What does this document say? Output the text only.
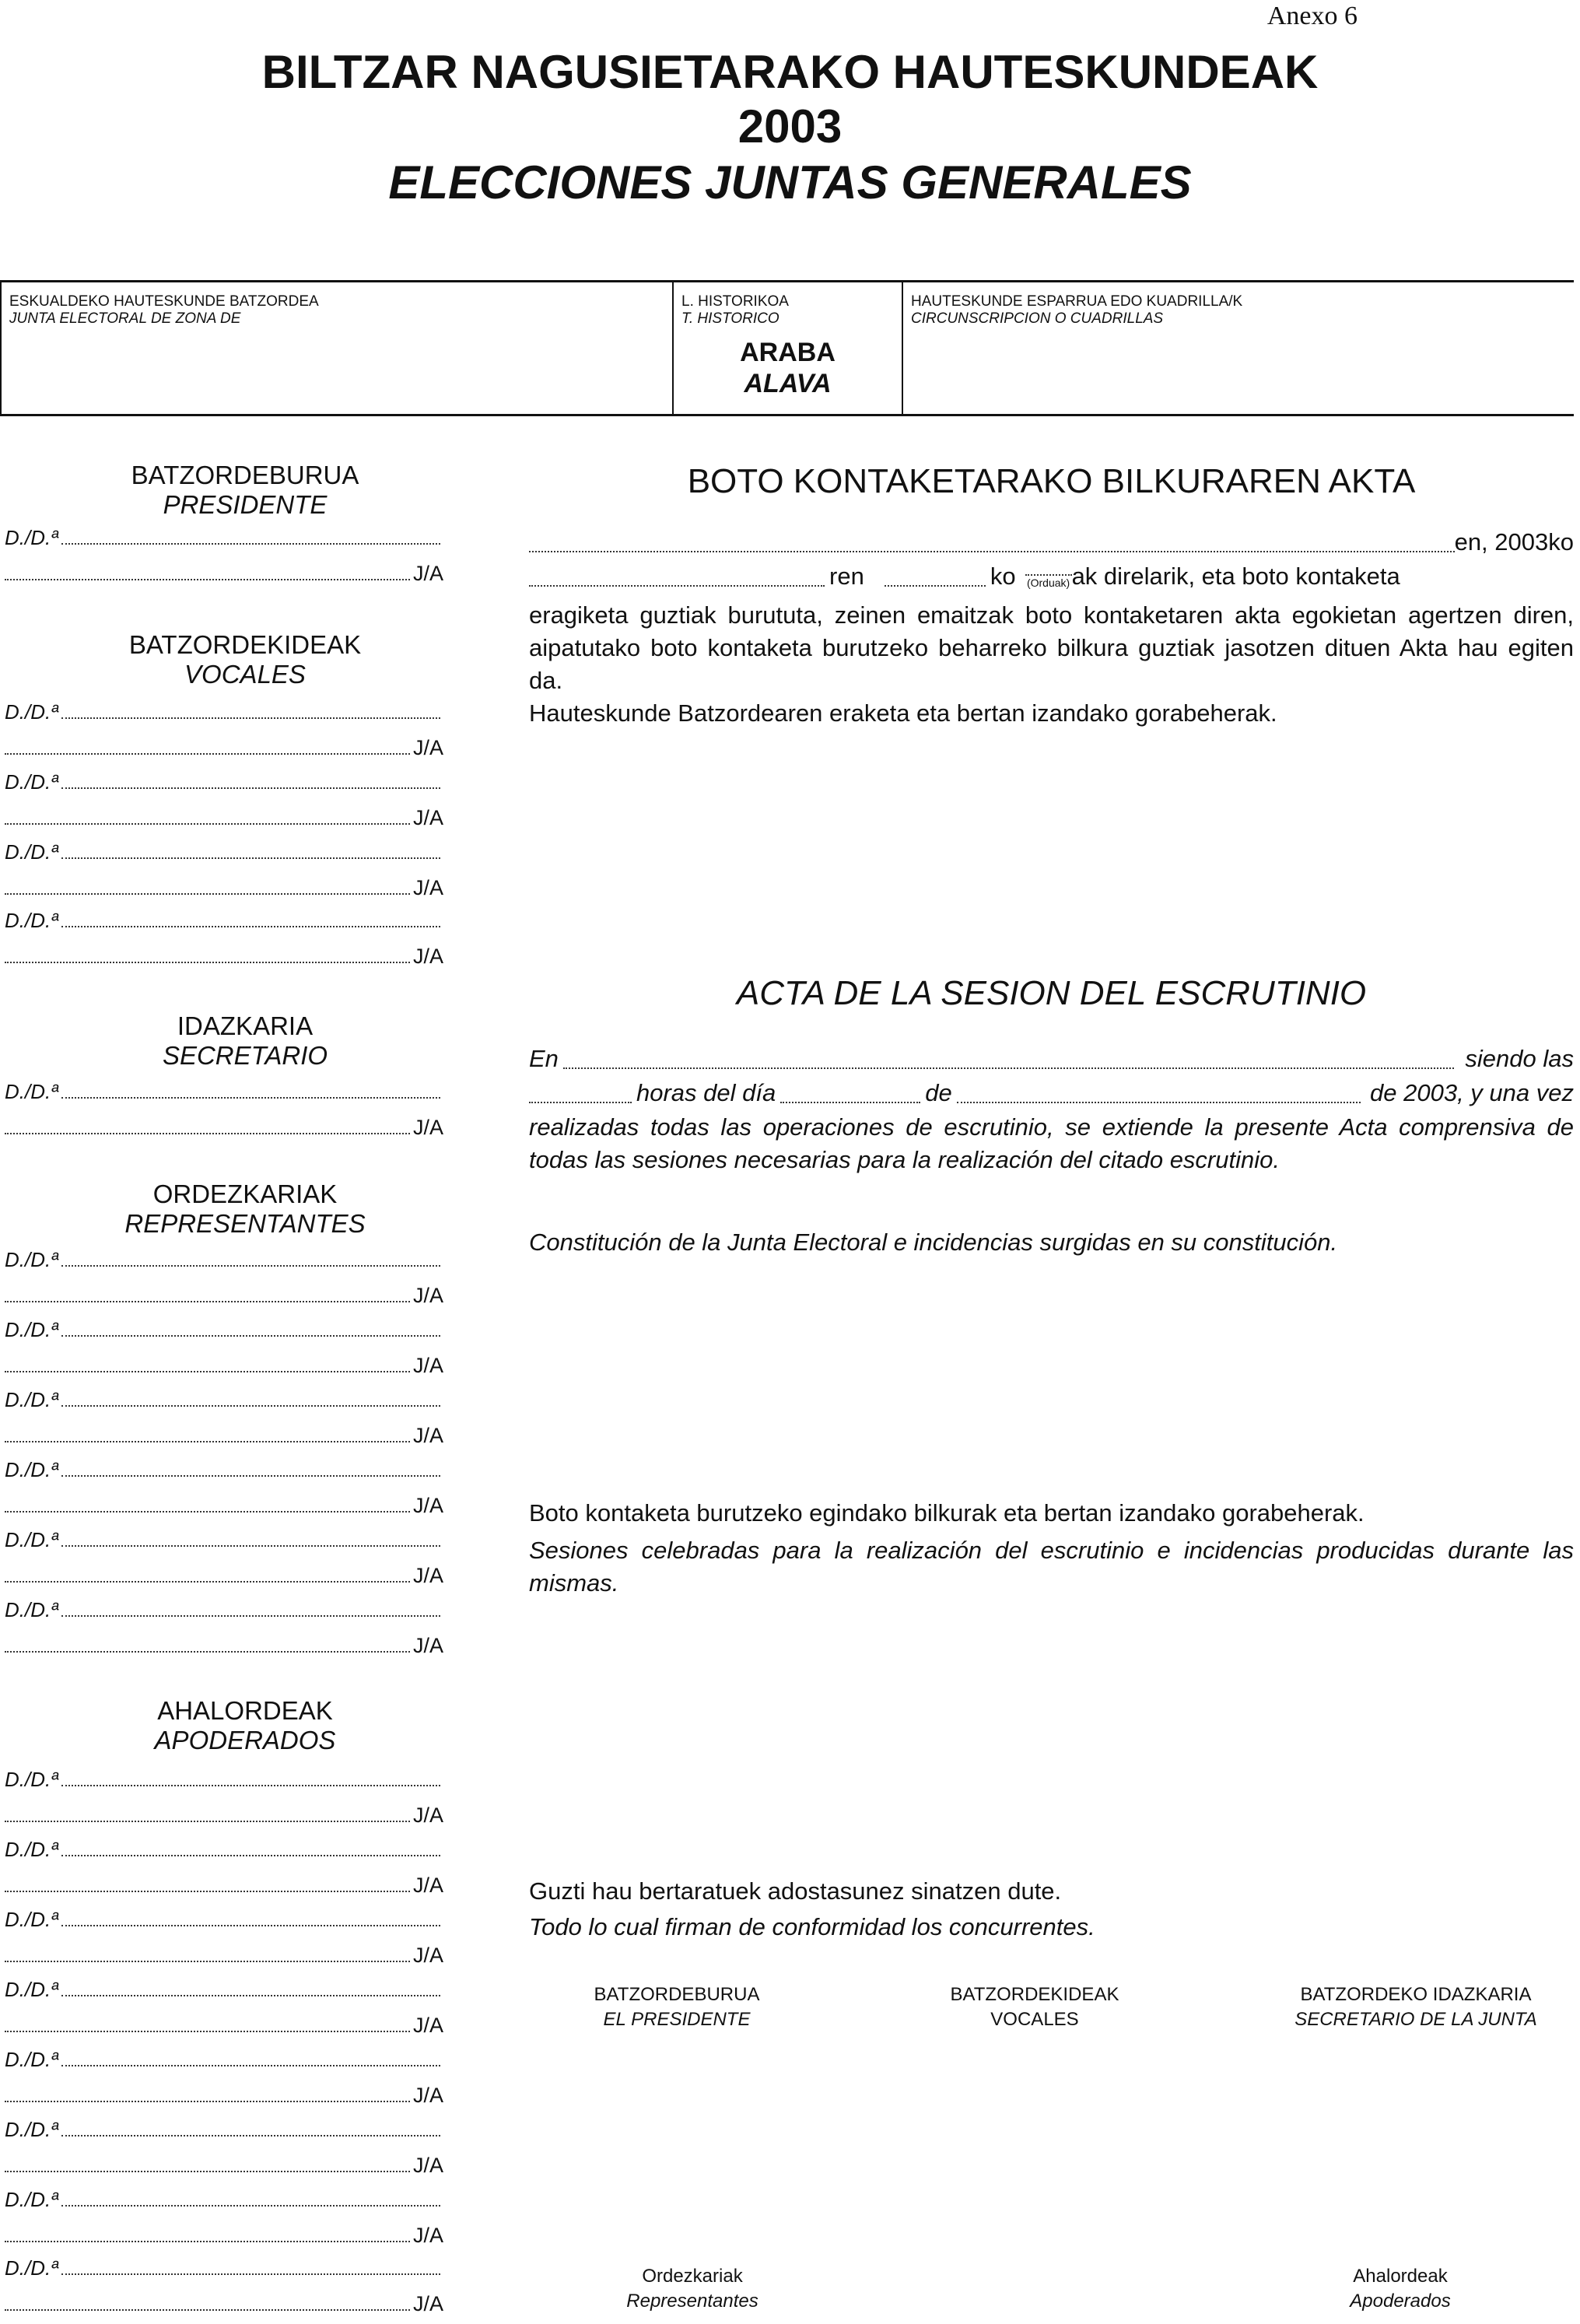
Anexo 6
BILTZAR NAGUSIETARAKO HAUTESKUNDEAK
2003
ELECCIONES JUNTAS GENERALES
ESKUALDEKO HAUTESKUNDE BATZORDEA
JUNTA ELECTORAL DE ZONA DE
L. HISTORIKOA
T. HISTORICO
ARABA
ALAVA
HAUTESKUNDE ESPARRUA EDO KUADRILLA/K
CIRCUNSCRIPCION O CUADRILLAS
BATZORDEBURUA
PRESIDENTE
D./D.ª
J/A
BATZORDEKIDEAK
VOCALES
D./D.ª
J/A
D./D.ª
J/A
D./D.ª
J/A
D./D.ª
J/A
IDAZKARIA
SECRETARIO
D./D.ª
J/A
ORDEZKARIAK
REPRESENTANTES
D./D.ª
J/A
D./D.ª
J/A
D./D.ª
J/A
D./D.ª
J/A
D./D.ª
J/A
D./D.ª
J/A
AHALORDEAK
APODERADOS
D./D.ª
J/A
D./D.ª
J/A
D./D.ª
J/A
D./D.ª
J/A
D./D.ª
J/A
D./D.ª
J/A
D./D.ª
J/A
D./D.ª
J/A
BOTO KONTAKETARAKO BILKURAREN AKTA
en, 2003ko
ren	ko (Orduak) ak direlarik, eta boto kontaketa
eragiketa guztiak burututa, zeinen emaitzak boto kontaketaren akta egokietan agertzen diren, aipatutako boto kontaketa burutzeko beharreko bilkura guztiak jasotzen dituen Akta hau egiten da.
Hauteskunde Batzordearen eraketa eta bertan izandako gorabeherak.
ACTA DE LA SESION DEL ESCRUTINIO
En	siendo las
horas del día	de	de 2003, y una vez
realizadas todas las operaciones de escrutinio, se extiende la presente Acta comprensiva de todas las sesiones necesarias para la realización del citado escrutinio.
Constitución de la Junta Electoral e incidencias surgidas en su constitución.
Boto kontaketa burutzeko egindako bilkurak eta bertan izandako gorabeherak.
Sesiones celebradas para la realización del escrutinio e incidencias producidas durante las mismas.
Guzti hau bertaratuek adostasunez sinatzen dute.
Todo lo cual firman de conformidad los concurrentes.
BATZORDEBURUA
EL PRESIDENTE
BATZORDEKIDEAK
VOCALES
BATZORDEKO IDAZKARIA
SECRETARIO DE LA JUNTA
Ordezkariak
Representantes
Ahalordeak
Apoderados
